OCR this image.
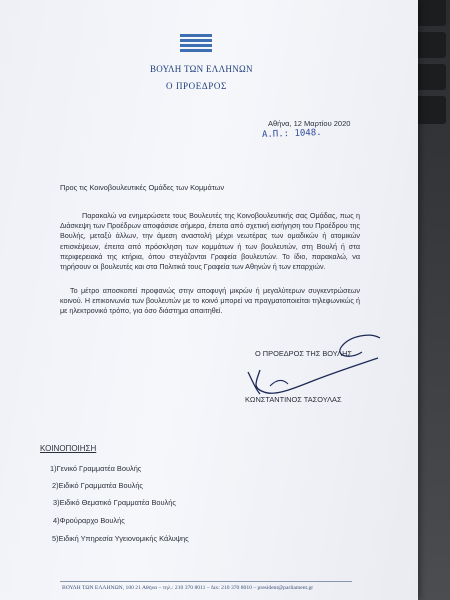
ΒΟΥΛΗ ΤΩΝ ΕΛΛΗΝΩΝ
Ο ΠΡΟΕΔΡΟΣ
Αθήνα, 12 Μαρτίου 2020
Α.Π.: 1048.
Προς τις Κοινοβουλευτικές Ομάδες των Κομμάτων
Παρακαλώ να ενημερώσετε τους Βουλευτές της Κοινοβουλευτικής σας Ομάδας, πως η Διάσκεψη των Προέδρων αποφάσισε σήμερα, έπειτα από σχετική εισήγηση του Προέδρου της Βουλής, μεταξύ άλλων, την άμεση αναστολή μέχρι νεωτέρας των ομαδικών ή ατομικών επισκέψεων, έπειτα από πρόσκληση των κομμάτων ή των βουλευτών, στη Βουλή ή στα περιφερειακά της κτήρια, όπου στεγάζονται Γραφεία βουλευτών. Το ίδιο, παρακαλώ, να τηρήσουν οι βουλευτές και στα Πολιτικά τους Γραφεία των Αθηνών ή των επαρχιών.
Το μέτρο αποσκοπεί προφανώς στην αποφυγή μικρών ή μεγαλύτερων συγκεντρώσεων κοινού. Η επικοινωνία των βουλευτών με το κοινό μπορεί να πραγματοποιείται τηλεφωνικώς ή με ηλεκτρονικό τρόπο, για όσο διάστημα απαιτηθεί.
Ο ΠΡΟΕΔΡΟΣ ΤΗΣ ΒΟΥΛΗΣ
ΚΩΝΣΤΑΝΤΙΝΟΣ ΤΑΣΟΥΛΑΣ
ΚΟΙΝΟΠΟΙΗΣΗ
1)Γενικό Γραμματέα Βουλής
2)Ειδικό Γραμματέα Βουλής
3)Ειδικό Θεματικό Γραμματέα Βουλής
4)Φρούραρχο Βουλής
5)Ειδική Υπηρεσία Υγειονομικής Κάλυψης
ΒΟΥΛΗ ΤΩΝ ΕΛΛΗΝΩΝ, 100 21 Αθήνα – τηλ.: 210 370 8011 – fax: 210 370 8010 – president@parliament.gr
